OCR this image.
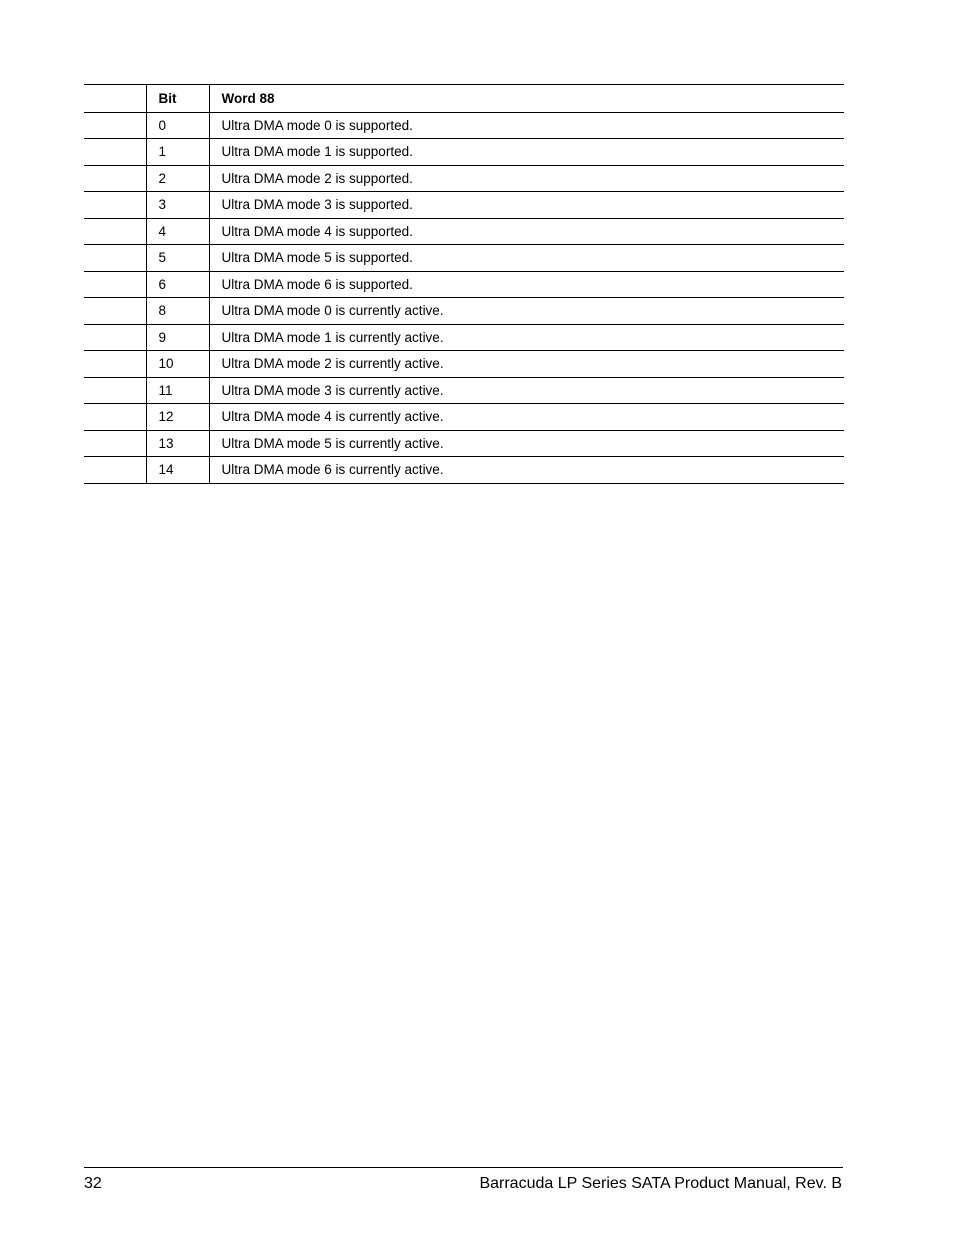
	Bit	Word 88
	0	Ultra DMA mode 0 is supported.
	1	Ultra DMA mode 1 is supported.
	2	Ultra DMA mode 2 is supported.
	3	Ultra DMA mode 3 is supported.
	4	Ultra DMA mode 4 is supported.
	5	Ultra DMA mode 5 is supported.
	6	Ultra DMA mode 6 is supported.
	8	Ultra DMA mode 0 is currently active.
	9	Ultra DMA mode 1 is currently active.
	10	Ultra DMA mode 2 is currently active.
	11	Ultra DMA mode 3 is currently active.
	12	Ultra DMA mode 4 is currently active.
	13	Ultra DMA mode 5 is currently active.
	14	Ultra DMA mode 6 is currently active.
32	Barracuda LP Series SATA Product Manual, Rev. B
